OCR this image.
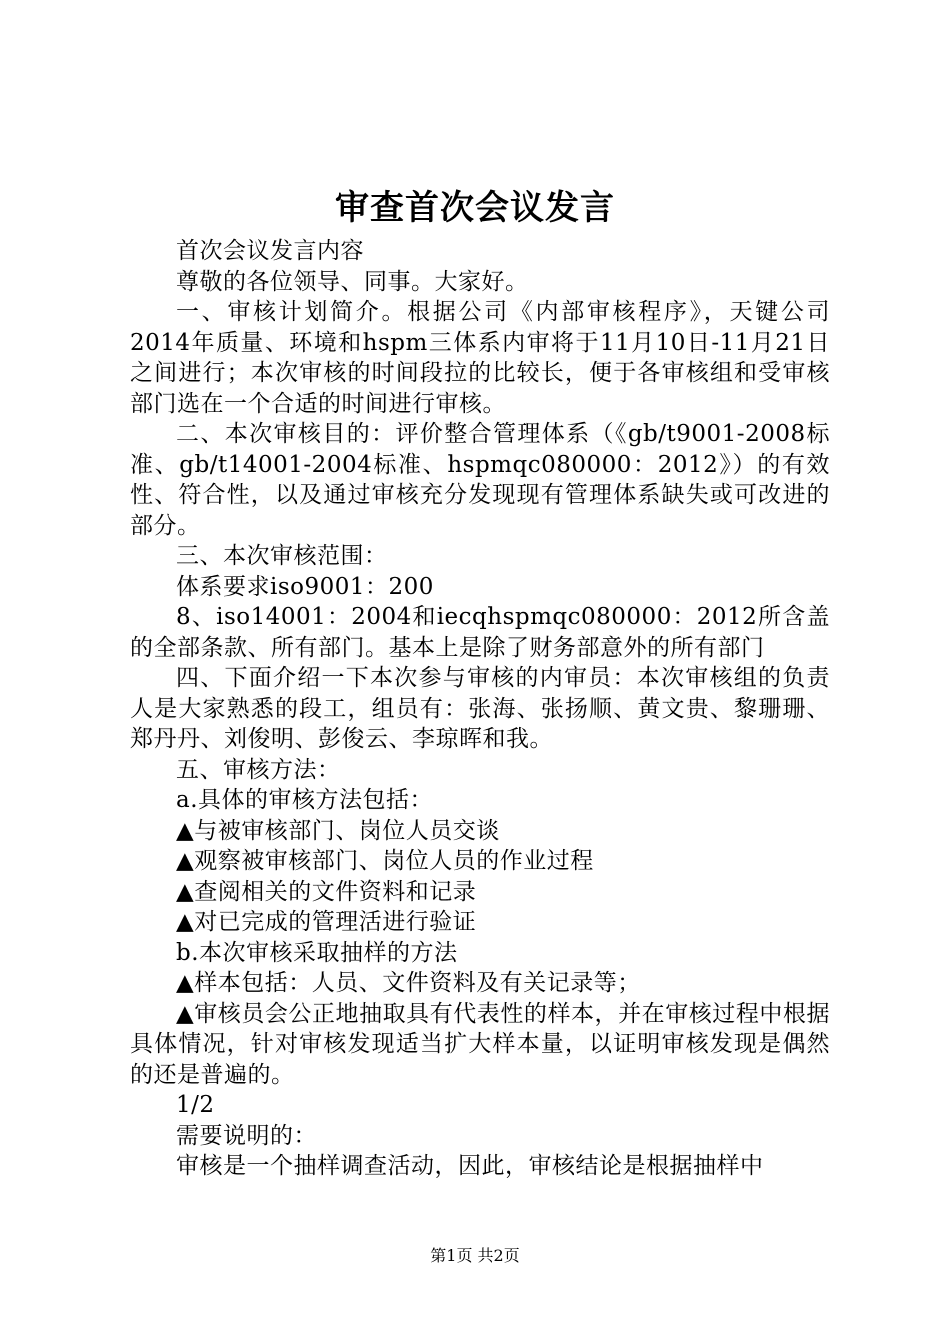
审查首次会议发言

首次会议发言内容

尊敬的各位领导、同事。大家好。

一、审核计划简介。根据公司《内部审核程序》，天键公司2014年质量、环境和hspm三体系内审将于11月10日-11月21日之间进行；本次审核的时间段拉的比较长，便于各审核组和受审核部门选在一个合适的时间进行审核。

二、本次审核目的：评价整合管理体系（《gb/t9001-2008标准、gb/t14001-2004标准、hspmqc080000：2012》）的有效性、符合性，以及通过审核充分发现现有管理体系缺失或可改进的部分。

三、本次审核范围：

体系要求iso9001：200

8、iso14001：2004和iecqhspmqc080000：2012所含盖的全部条款、所有部门。基本上是除了财务部意外的所有部门

四、下面介绍一下本次参与审核的内审员：本次审核组的负责人是大家熟悉的段工，组员有：张海、张扬顺、黄文贵、黎珊珊、郑丹丹、刘俊明、彭俊云、李琼晖和我。

五、审核方法：

a.具体的审核方法包括：

▲与被审核部门、岗位人员交谈

▲观察被审核部门、岗位人员的作业过程

▲查阅相关的文件资料和记录

▲对已完成的管理活进行验证

b.本次审核采取抽样的方法

▲样本包括：人员、文件资料及有关记录等；

▲审核员会公正地抽取具有代表性的样本，并在审核过程中根据具体情况，针对审核发现适当扩大样本量，以证明审核发现是偶然的还是普遍的。

1/2

需要说明的：

审核是一个抽样调查活动，因此，审核结论是根据抽样中

第1页 共2页
